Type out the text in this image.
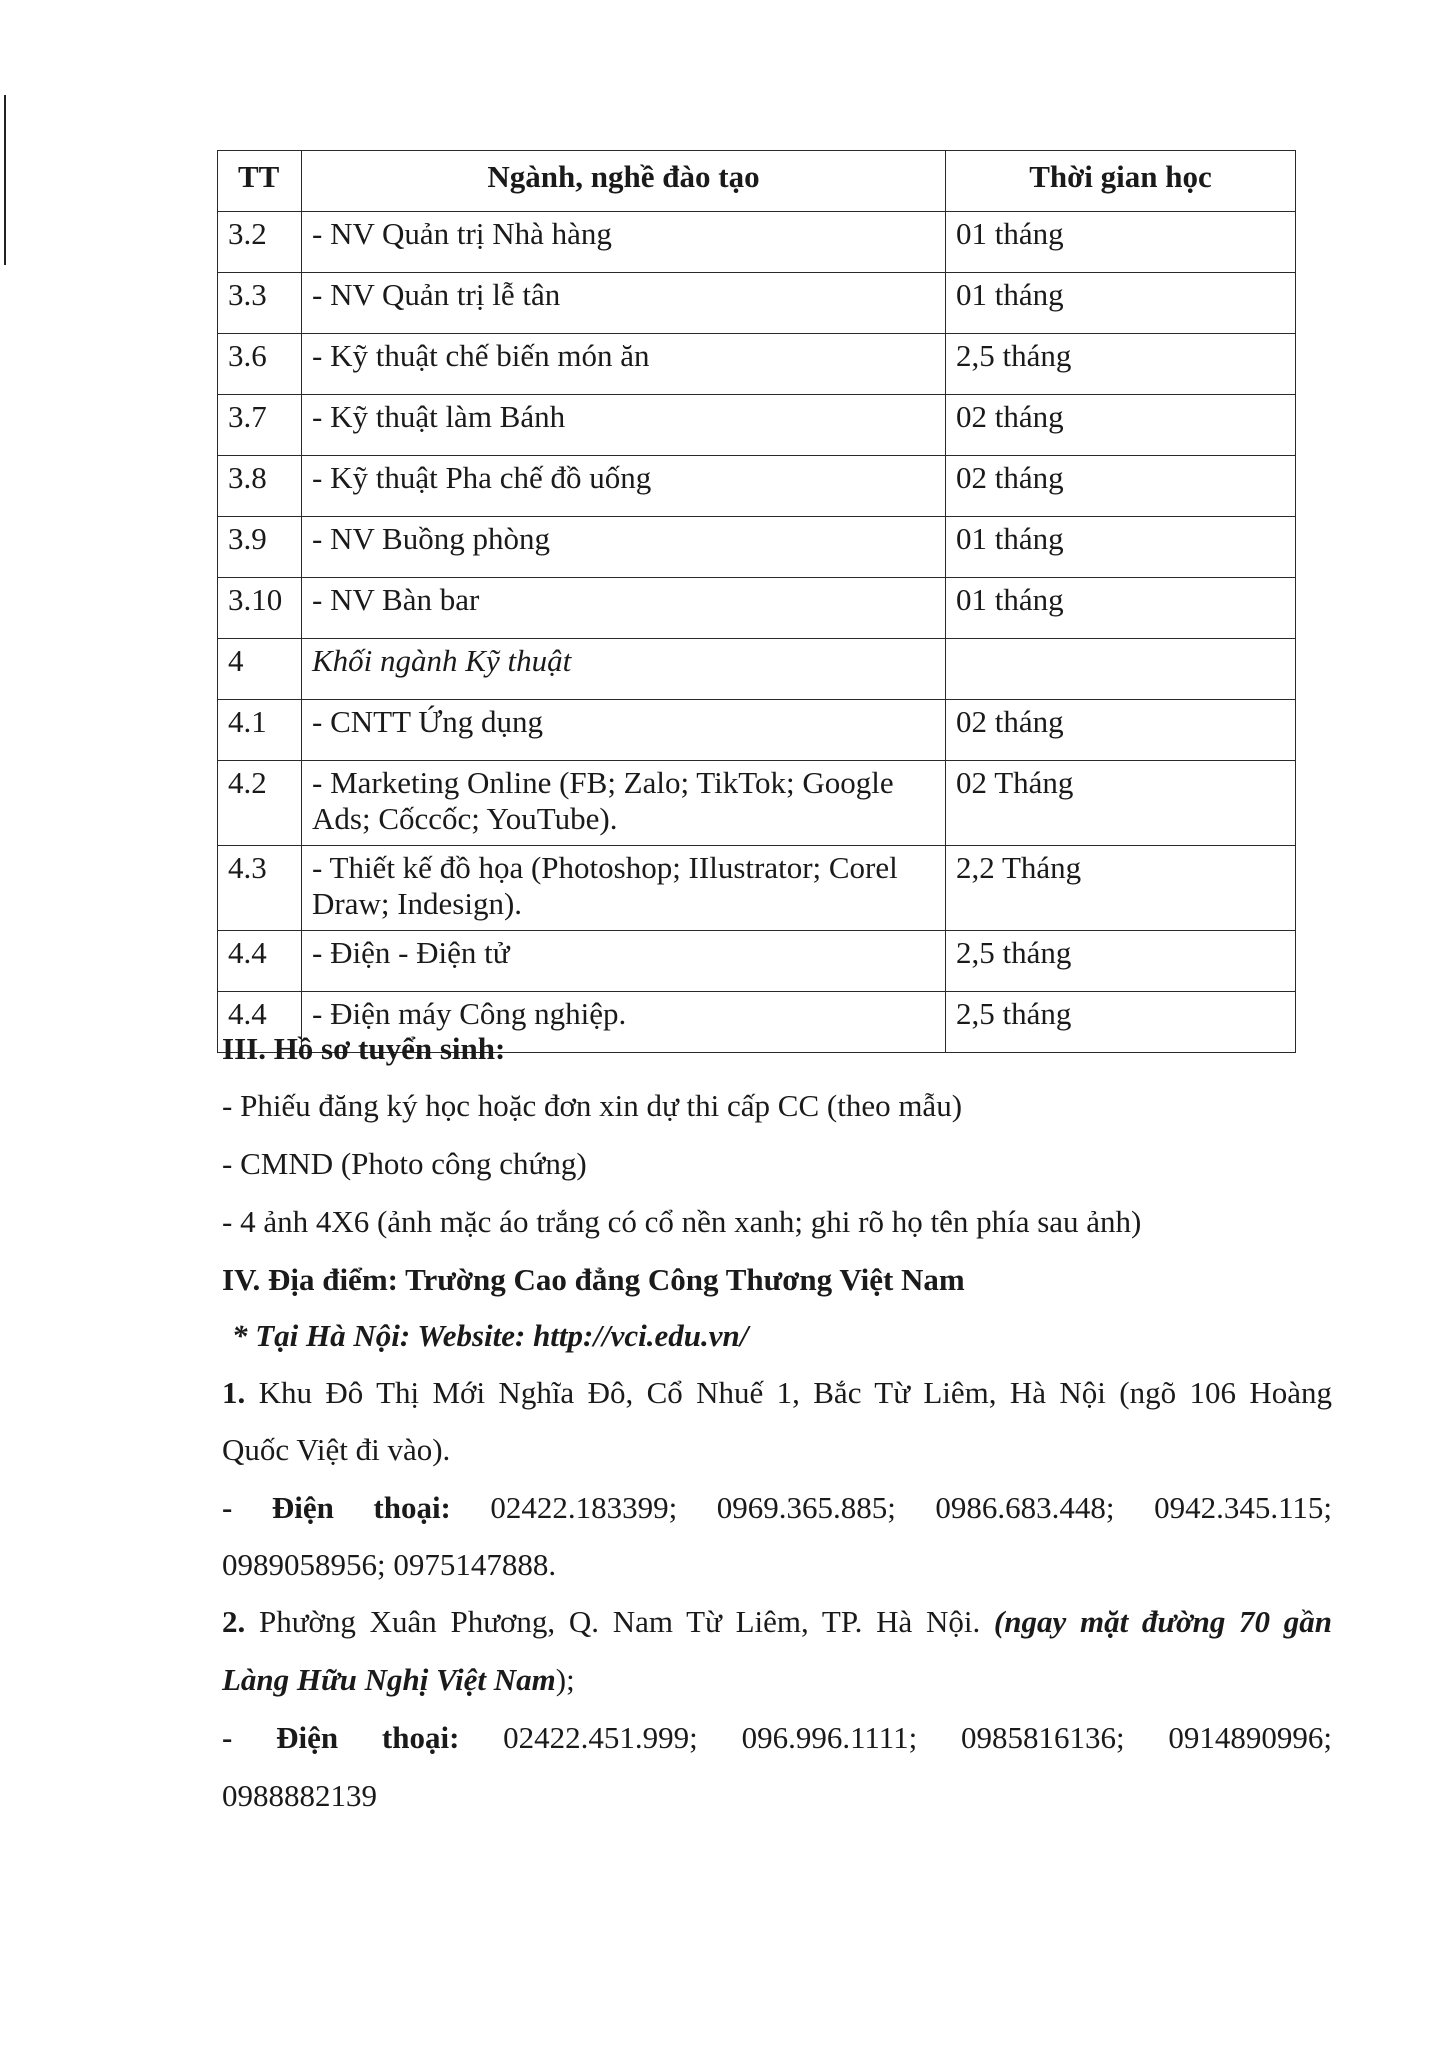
TT	Ngành, nghề đào tạo	Thời gian học
3.2	- NV Quản trị Nhà hàng	01 tháng
3.3	- NV Quản trị lễ tân	01 tháng
3.6	- Kỹ thuật chế biến món ăn	2,5 tháng
3.7	- Kỹ thuật làm Bánh	02 tháng
3.8	- Kỹ thuật Pha chế đồ uống	02 tháng
3.9	- NV Buồng phòng	01 tháng
3.10	- NV Bàn bar	01 tháng
4	Khối ngành Kỹ thuật	
4.1	- CNTT Ứng dụng	02 tháng
4.2	- Marketing Online (FB; Zalo; TikTok; Google Ads; Cốccốc; YouTube).	02 Tháng
4.3	- Thiết kế đồ họa (Photoshop; IIlustrator; Corel Draw; Indesign).	2,2 Tháng
4.4	- Điện - Điện tử	2,5 tháng
4.4	- Điện máy Công nghiệp.	2,5 tháng
III. Hồ sơ tuyển sinh:
- Phiếu đăng ký học hoặc đơn xin dự thi cấp CC (theo mẫu)
- CMND (Photo công chứng)
- 4 ảnh 4X6 (ảnh mặc áo trắng có cổ nền xanh; ghi rõ họ tên phía sau ảnh)
IV. Địa điểm: Trường Cao đẳng Công Thương Việt Nam
* Tại Hà Nội: Website: http://vci.edu.vn/
1. Khu Đô Thị Mới Nghĩa Đô, Cổ Nhuế 1, Bắc Từ Liêm, Hà Nội (ngõ 106 Hoàng
Quốc Việt đi vào).
- Điện thoại: 02422.183399; 0969.365.885; 0986.683.448; 0942.345.115;
0989058956; 0975147888.
2. Phường Xuân Phương, Q. Nam Từ Liêm, TP. Hà Nội. (ngay mặt đường 70 gần
Làng Hữu Nghị Việt Nam);
- Điện thoại: 02422.451.999; 096.996.1111; 0985816136; 0914890996;
0988882139
